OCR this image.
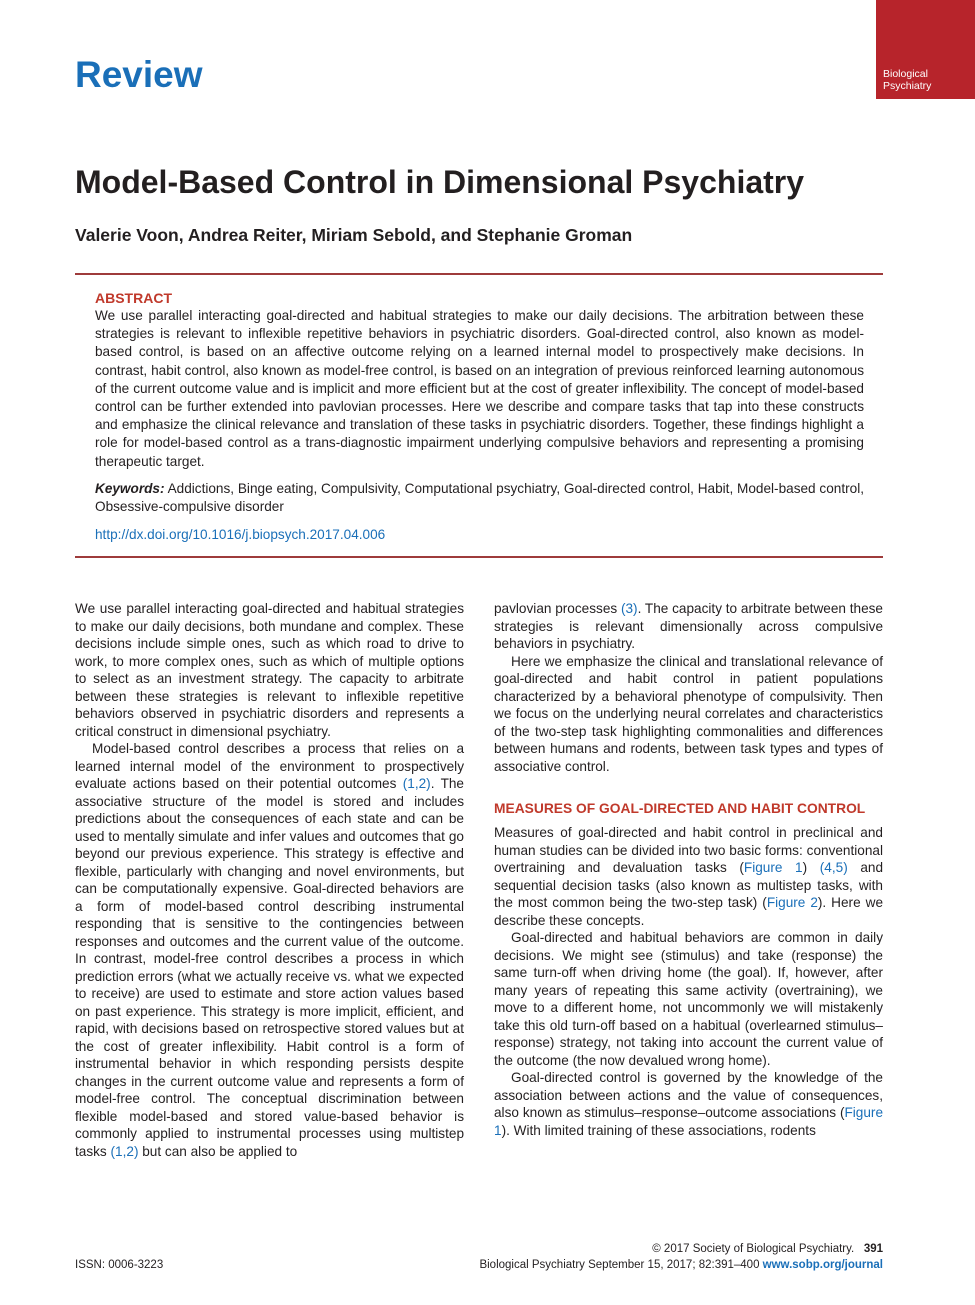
Review	Biological
Psychiatry
Model-Based Control in Dimensional Psychiatry
Valerie Voon, Andrea Reiter, Miriam Sebold, and Stephanie Groman
ABSTRACT

We use parallel interacting goal-directed and habitual strategies to make our daily decisions. The arbitration between these strategies is relevant to inflexible repetitive behaviors in psychiatric disorders. Goal-directed control, also known as model-based control, is based on an affective outcome relying on a learned internal model to prospectively make decisions. In contrast, habit control, also known as model-free control, is based on an integration of previous reinforced learning autonomous of the current outcome value and is implicit and more efficient but at the cost of greater inflexibility. The concept of model-based control can be further extended into pavlovian processes. Here we describe and compare tasks that tap into these constructs and emphasize the clinical relevance and translation of these tasks in psychiatric disorders. Together, these findings highlight a role for model-based control as a trans-diagnostic impairment underlying compulsive behaviors and representing a promising therapeutic target.

Keywords: Addictions, Binge eating, Compulsivity, Computational psychiatry, Goal-directed control, Habit, Model-based control, Obsessive-compulsive disorder

http://dx.doi.org/10.1016/j.biopsych.2017.04.006

We use parallel interacting goal-directed and habitual strategies to make our daily decisions, both mundane and complex. These decisions include simple ones, such as which road to drive to work, to more complex ones, such as which of multiple options to select as an investment strategy. The capacity to arbitrate between these strategies is relevant to inflexible repetitive behaviors observed in psychiatric disorders and represents a critical construct in dimensional psychiatry.

Model-based control describes a process that relies on a learned internal model of the environment to prospectively evaluate actions based on their potential outcomes (1,2). The associative structure of the model is stored and includes predictions about the consequences of each state and can be used to mentally simulate and infer values and outcomes that go beyond our previous experience. This strategy is effective and flexible, particularly with changing and novel environments, but can be computationally expensive. Goal-directed behaviors are a form of model-based control describing instrumental responding that is sensitive to the contingencies between responses and outcomes and the current value of the outcome. In contrast, model-free control describes a process in which prediction errors (what we actually receive vs. what we expected to receive) are used to estimate and store action values based on past experience. This strategy is more implicit, efficient, and rapid, with decisions based on retrospective stored values but at the cost of greater inflexibility. Habit control is a form of instrumental behavior in which responding persists despite changes in the current outcome value and represents a form of model-free control. The conceptual discrimination between flexible model-based and stored value-based behavior is commonly applied to instrumental processes using multistep tasks (1,2) but can also be applied to

pavlovian processes (3). The capacity to arbitrate between these strategies is relevant dimensionally across compulsive behaviors in psychiatry.

Here we emphasize the clinical and translational relevance of goal-directed and habit control in patient populations characterized by a behavioral phenotype of compulsivity. Then we focus on the underlying neural correlates and characteristics of the two-step task highlighting commonalities and differences between humans and rodents, between task types and types of associative control.

MEASURES OF GOAL-DIRECTED AND HABIT CONTROL

Measures of goal-directed and habit control in preclinical and human studies can be divided into two basic forms: conventional overtraining and devaluation tasks (Figure 1) (4,5) and sequential decision tasks (also known as multistep tasks, with the most common being the two-step task) (Figure 2). Here we describe these concepts.

Goal-directed and habitual behaviors are common in daily decisions. We might see (stimulus) and take (response) the same turn-off when driving home (the goal). If, however, after many years of repeating this same activity (overtraining), we move to a different home, not uncommonly we will mistakenly take this old turn-off based on a habitual (overlearned stimulus–response) strategy, not taking into account the current value of the outcome (the now devalued wrong home).

Goal-directed control is governed by the knowledge of the association between actions and the value of consequences, also known as stimulus–response–outcome associations (Figure 1). With limited training of these associations, rodents

© 2017 Society of Biological Psychiatry. 391
ISSN: 0006-3223	Biological Psychiatry September 15, 2017; 82:391–400 www.sobp.org/journal
